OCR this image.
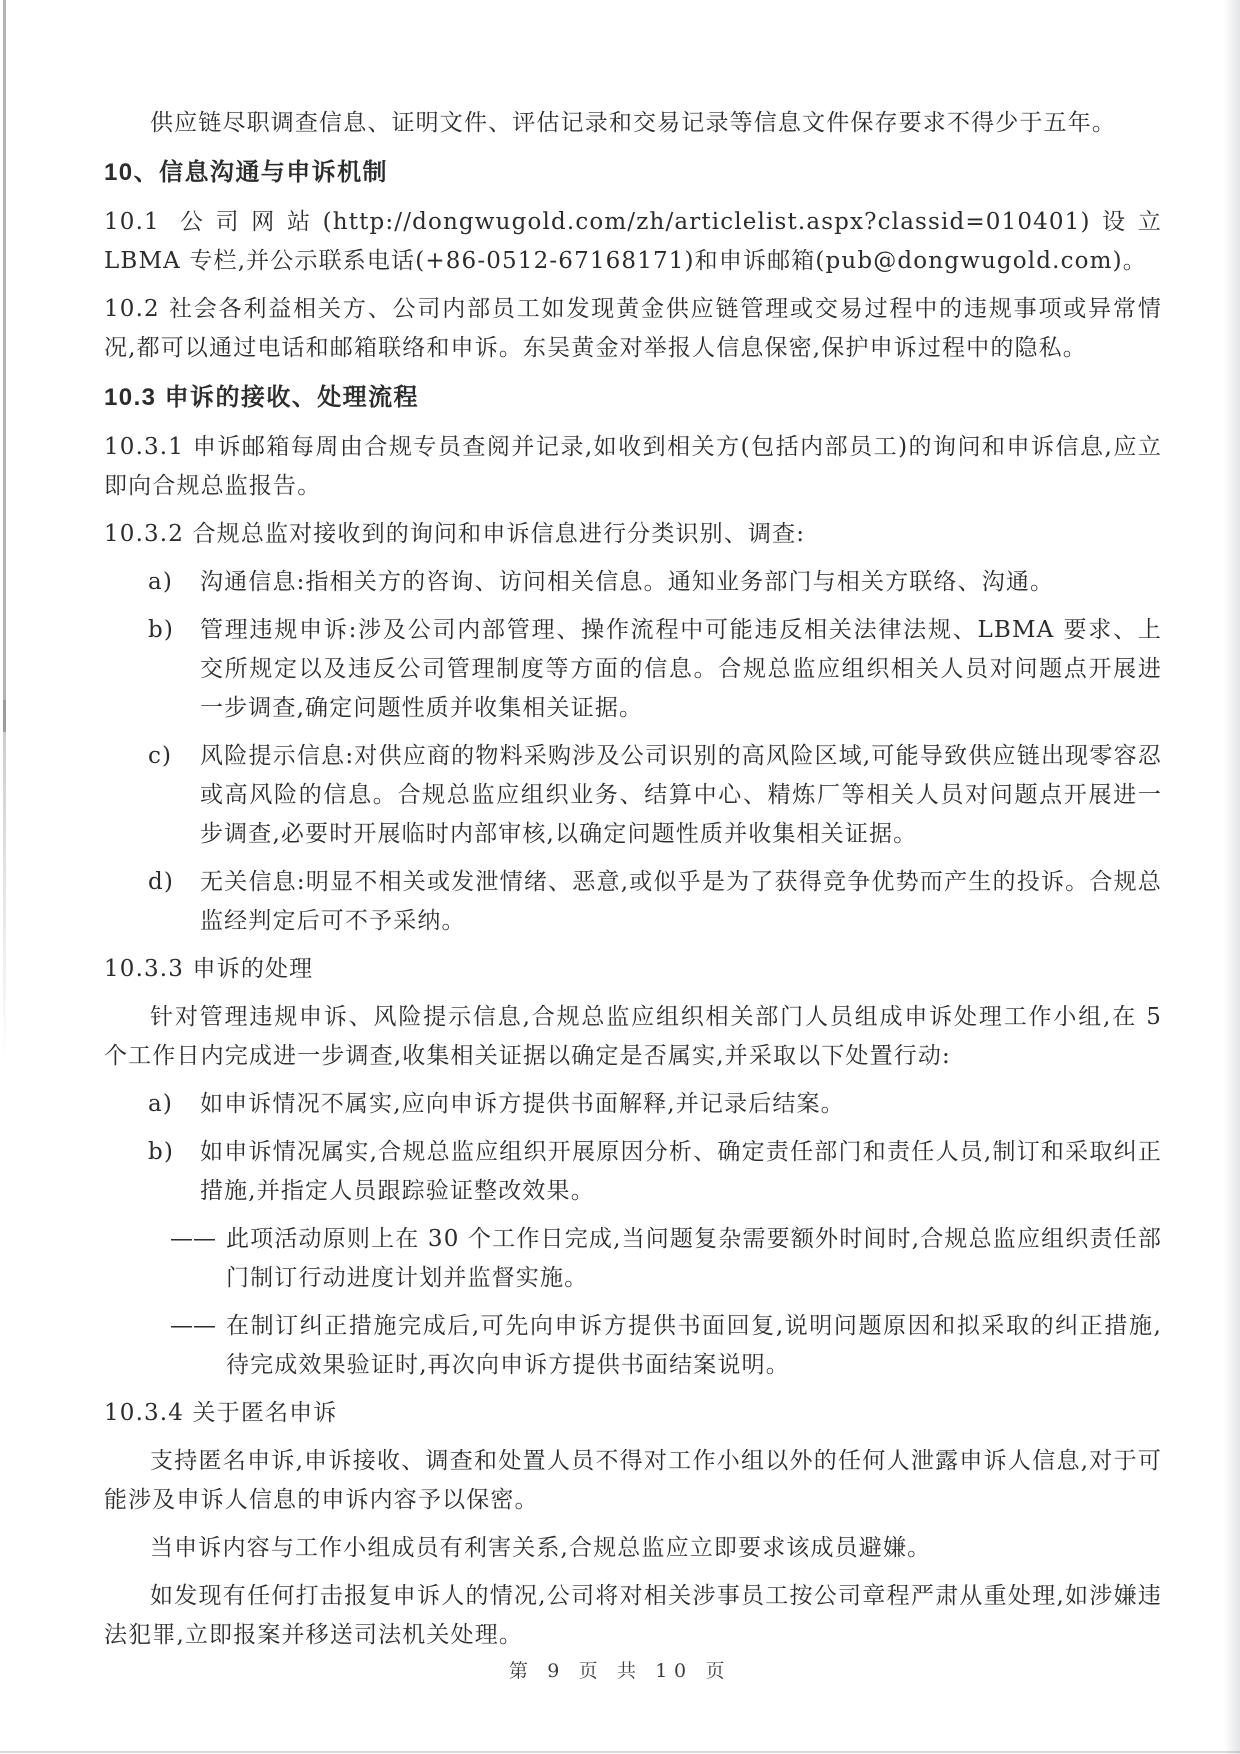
供应链尽职调查信息、证明文件、评估记录和交易记录等信息文件保存要求不得少于五年。

10、信息沟通与申诉机制

10.1 公司网站(http://dongwugold.com/zh/articlelist.aspx?classid=010401)设立 LBMA 专栏,并公示联系电话(+86-0512-67168171)和申诉邮箱(pub@dongwugold.com)。

10.2 社会各利益相关方、公司内部员工如发现黄金供应链管理或交易过程中的违规事项或异常情况,都可以通过电话和邮箱联络和申诉。东吴黄金对举报人信息保密,保护申诉过程中的隐私。

10.3 申诉的接收、处理流程

10.3.1 申诉邮箱每周由合规专员查阅并记录,如收到相关方(包括内部员工)的询问和申诉信息,应立即向合规总监报告。

10.3.2 合规总监对接收到的询问和申诉信息进行分类识别、调查:

a)	沟通信息:指相关方的咨询、访问相关信息。通知业务部门与相关方联络、沟通。
b)	管理违规申诉:涉及公司内部管理、操作流程中可能违反相关法律法规、LBMA 要求、上交所规定以及违反公司管理制度等方面的信息。合规总监应组织相关人员对问题点开展进一步调查,确定问题性质并收集相关证据。
c)	风险提示信息:对供应商的物料采购涉及公司识别的高风险区域,可能导致供应链出现零容忍或高风险的信息。合规总监应组织业务、结算中心、精炼厂等相关人员对问题点开展进一步调查,必要时开展临时内部审核,以确定问题性质并收集相关证据。
d)	无关信息:明显不相关或发泄情绪、恶意,或似乎是为了获得竞争优势而产生的投诉。合规总监经判定后可不予采纳。

10.3.3 申诉的处理

针对管理违规申诉、风险提示信息,合规总监应组织相关部门人员组成申诉处理工作小组,在 5 个工作日内完成进一步调查,收集相关证据以确定是否属实,并采取以下处置行动:

a)	如申诉情况不属实,应向申诉方提供书面解释,并记录后结案。
b)	如申诉情况属实,合规总监应组织开展原因分析、确定责任部门和责任人员,制订和采取纠正措施,并指定人员跟踪验证整改效果。
—— 此项活动原则上在 30 个工作日完成,当问题复杂需要额外时间时,合规总监应组织责任部门制订行动进度计划并监督实施。
—— 在制订纠正措施完成后,可先向申诉方提供书面回复,说明问题原因和拟采取的纠正措施,待完成效果验证时,再次向申诉方提供书面结案说明。

10.3.4 关于匿名申诉

支持匿名申诉,申诉接收、调查和处置人员不得对工作小组以外的任何人泄露申诉人信息,对于可能涉及申诉人信息的申诉内容予以保密。

当申诉内容与工作小组成员有利害关系,合规总监应立即要求该成员避嫌。

如发现有任何打击报复申诉人的情况,公司将对相关涉事员工按公司章程严肃从重处理,如涉嫌违法犯罪,立即报案并移送司法机关处理。

第 9 页 共 10 页
